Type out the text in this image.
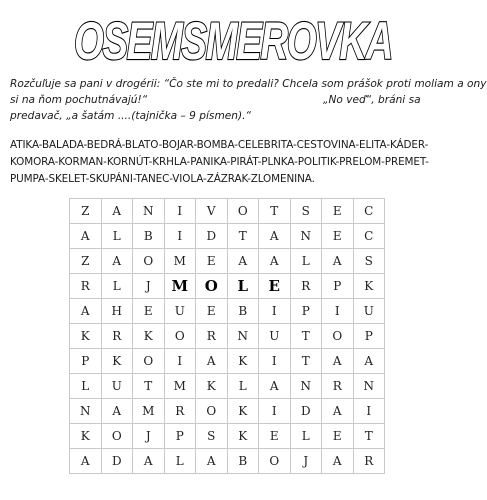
OSEMSMEROVKA
Rozčuľuje sa pani v drogérii: “Čo ste mi to predali? Chcela som prášok proti moliam a ony
si na ňom pochutnávajú!“	„No veď“, bráni sa
predavač, „a šatám ....(tajnička – 9 písmen).“
ATIKA-BALADA-BEDRÁ-BLATO-BOJAR-BOMBA-CELEBRITA-CESTOVINA-ELITA-KÁDER-
KOMORA-KORMAN-KORNÚT-KRHLA-PANIKA-PIRÁT-PLNKA-POLITIK-PRELOM-PREMET-
PUMPA-SKELET-SKUPÁNI-TANEC-VIOLA-ZÁZRAK-ZLOMENINA.
Z	A	N	I	V	O	T	S	E	C
A	L	B	I	D	T	A	N	E	C
Z	A	O	M	E	A	A	L	A	S
R	L	J	M	O	L	E	R	P	K
A	H	E	U	E	B	I	P	I	U
K	R	K	O	R	N	U	T	O	P
P	K	O	I	A	K	I	T	A	A
L	U	T	M	K	L	A	N	R	N
N	A	M	R	O	K	I	D	A	I
K	O	J	P	S	K	E	L	E	T
A	D	A	L	A	B	O	J	A	R
